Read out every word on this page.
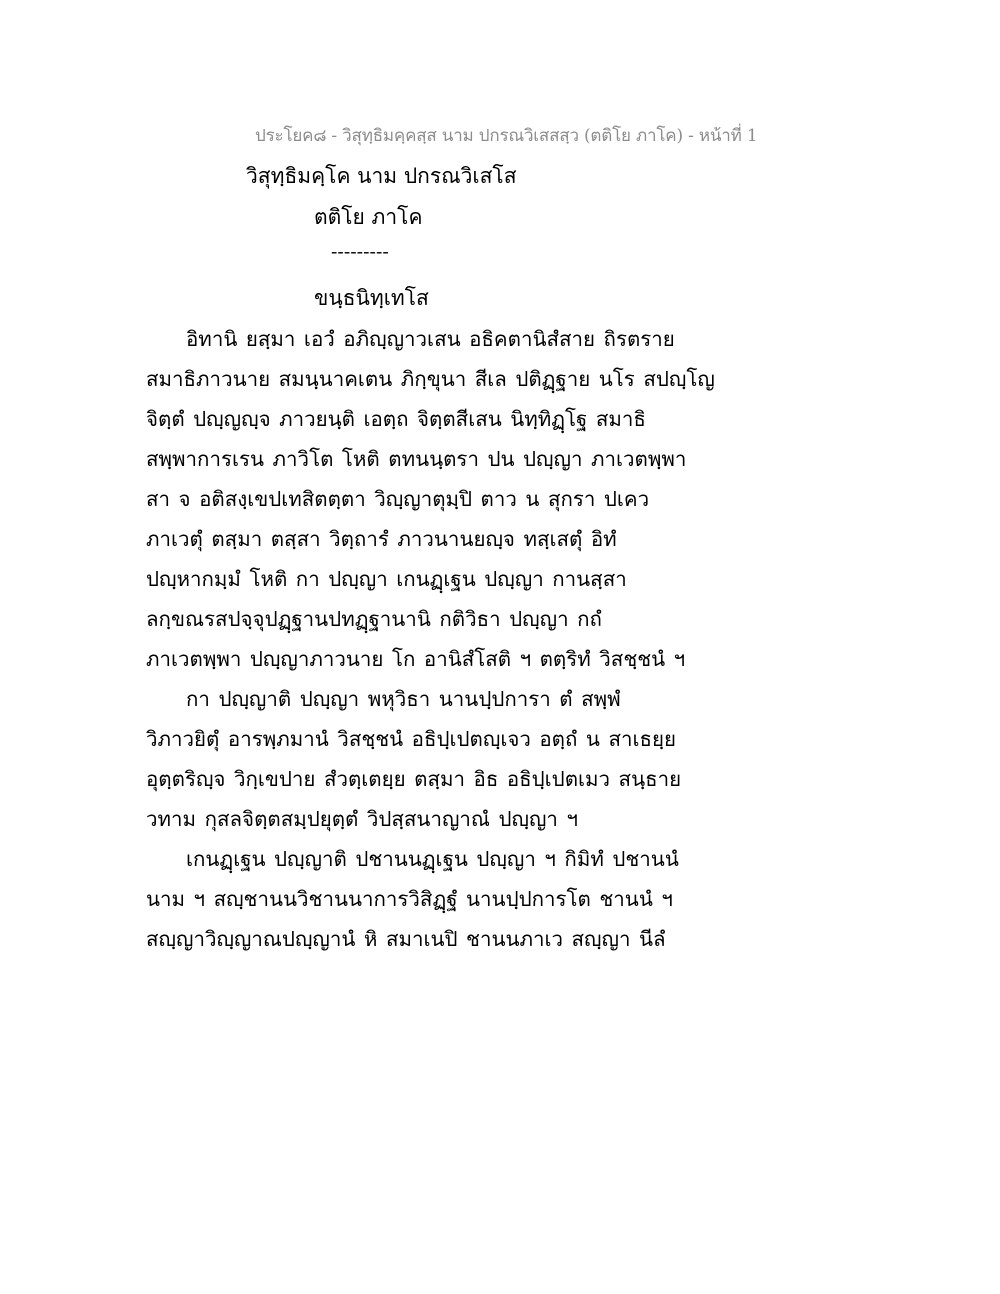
ประโยค๘ - วิสุทฺธิมคฺคสฺส นาม ปกรณวิเสสสฺว (ตติโย ภาโค) - หน้าที่ 1
วิสุทฺธิมคฺโค นาม ปกรณวิเสโส
ตติโย ภาโค
---------
ขนฺธนิทฺเทโส
อิทานิ ยสฺมา เอวํ อภิญฺญาวเสน อธิคตานิสํสาย ถิรตราย
สมาธิภาวนาย สมนฺนาคเตน ภิกฺขุนา สีเล ปติฏฺฐาย นโร สปญฺโญ
จิตฺตํ ปญฺญญฺจ ภาวยนฺติ เอตฺถ จิตฺตสีเสน นิทฺทิฏฺโฐ สมาธิ
สพฺพาการเรน ภาวิโต โหติ ตทนนฺตรา ปน ปญฺญา ภาเวตพฺพา
สา จ อติสงฺเขปเทสิตตฺตา วิญฺญาตุมฺปิ ตาว น สุกรา ปเคว
ภาเวตุํ ตสฺมา ตสฺสา วิตฺถารํ ภาวนานยญฺจ ทสฺเสตุํ อิทํ
ปญฺหากมฺมํ โหติ กา ปญฺญา เกนฏฺเฐน ปญฺญา กานสฺสา
ลกฺขณรสปจฺจุปฏฺฐานปทฏฺฐานานิ กติวิธา ปญฺญา กถํ
ภาเวตพฺพา ปญฺญาภาวนาย โก อานิสํโสติ ฯ ตตฺริทํ วิสชฺชนํ ฯ
กา ปญฺญาติ ปญฺญา พหุวิธา นานปฺปการา ตํ สพฺพํ
วิภาวยิตุํ อารพฺภมานํ วิสชฺชนํ อธิปฺเปตญฺเจว อตฺถํ น สาเธยฺย
อุตฺตริญฺจ วิกฺเขปาย สํวตฺเตยฺย ตสฺมา อิธ อธิปฺเปตเมว สนฺธาย
วทาม กุสลจิตฺตสมฺปยุตฺตํ วิปสฺสนาญาณํ ปญฺญา ฯ
เกนฏฺเฐน ปญฺญาติ ปชานนฏฺเฐน ปญฺญา ฯ กิมิทํ ปชานนํ
นาม ฯ สญฺชานนวิชานนาการวิสิฏฺฐํ นานปฺปการโต ชานนํ ฯ
สญฺญาวิญฺญาณปญฺญานํ หิ สมาเนปิ ชานนภาเว สญฺญา นีลํ
